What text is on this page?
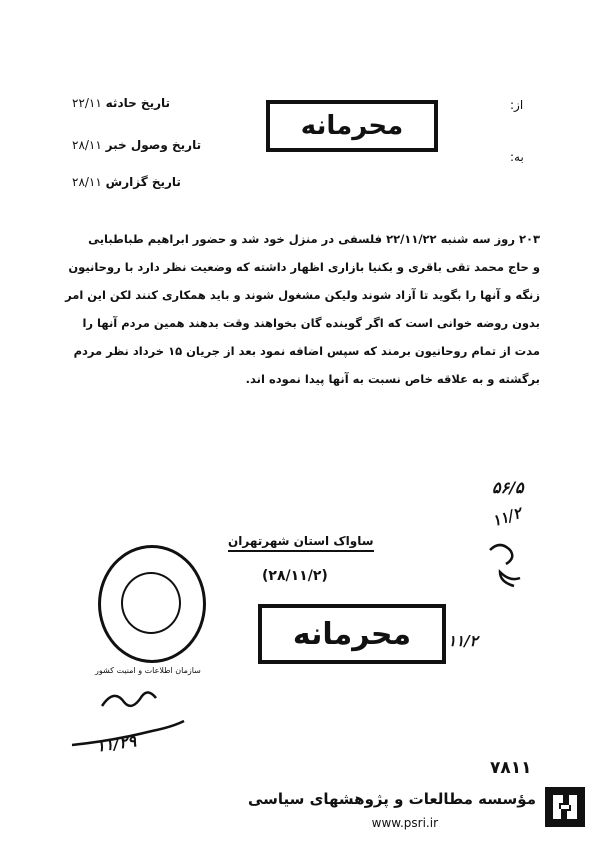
از:
به:
محرمانه
تاریخ حادثه ۲۲/۱۱
تاریخ وصول خبر ۲۸/۱۱
تاریخ گزارش ۲۸/۱۱
۲۰۳ روز سه شنبه ۲۲/۱۱/۲۲ فلسفی در منزل خود شد و حضور ابراهیم طباطبایی
و حاج محمد تقی باقری و بکنیا بازاری اظهار داشته که وضعیت نظر دارد با روحانیون
زنگه و آنها را بگوید تا آزاد شوند ولیکن مشغول شوند و باید همکاری کنند لکن این امر
بدون روضه خوانی است که اگر گوینده گان بخواهند وقت بدهند همین مردم آنها را
مدت از تمام روحانیون برمند که سپس اضافه نمود بعد از جریان ۱۵ خرداد نظر مردم
برگشته و به علاقه خاص نسبت به آنها پیدا نموده اند.
۵۶/۵
۱۱/۲
۱۱/۲
سازمان اطلاعات و امنیت کشور
ساواک استان شهرتهران
(۲۸/۱۱/۲)
محرمانه
۱۱/۲۹
۷۸۱۱
مؤسسه مطالعات و پژوهشهای سیاسی
www.psri.ir
